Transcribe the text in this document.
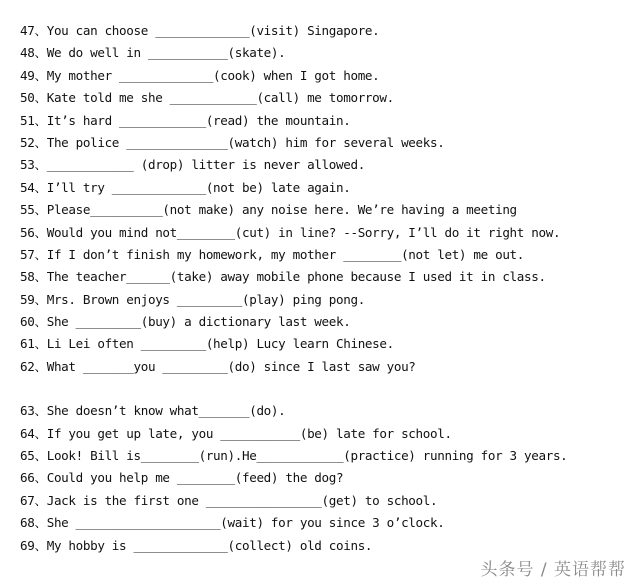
47、You can choose _____________(visit) Singapore.
48、We do well in ___________(skate).
49、My mother _____________(cook) when I got home.
50、Kate told me she ____________(call) me tomorrow.
51、It’s hard ____________(read) the mountain.
52、The police ______________(watch) him for several weeks.
53、____________ (drop) litter is never allowed.
54、I’ll try _____________(not be) late again.
55、Please__________(not make) any noise here. We’re having a meeting
56、Would you mind not________(cut) in line? --Sorry, I’ll do it right now.
57、If I don’t finish my homework, my mother ________(not let) me out.
58、The teacher______(take) away mobile phone because I used it in class.
59、Mrs. Brown enjoys _________(play) ping pong.
60、She _________(buy) a dictionary last week.
61、Li Lei often _________(help) Lucy learn Chinese.
62、What _______you _________(do) since I last saw you?
63、She doesn’t know what_______(do).
64、If you get up late, you ___________(be) late for school.
65、Look! Bill is________(run).He____________(practice) running for 3 years.
66、Could you help me ________(feed) the dog?
67、Jack is the first one ________________(get) to school.
68、She ____________________(wait) for you since 3 o’clock.
69、My hobby is _____________(collect) old coins.
头条号 / 英语帮帮
